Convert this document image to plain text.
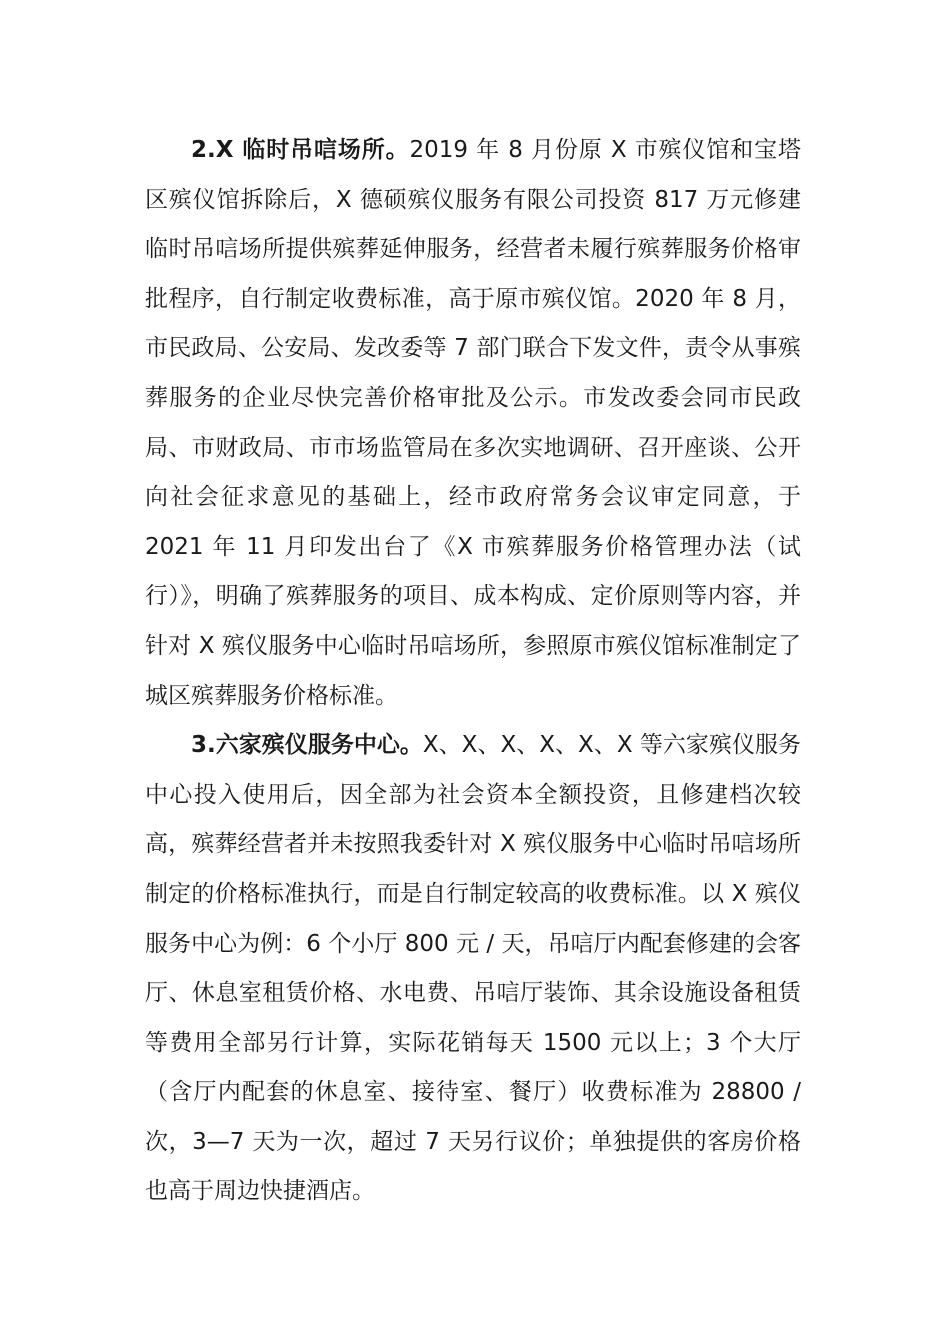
2.X 临时吊唁场所。2019 年 8 月份原 X 市殡仪馆和宝塔区殡仪馆拆除后，X 德硕殡仪服务有限公司投资 817 万元修建临时吊唁场所提供殡葬延伸服务，经营者未履行殡葬服务价格审批程序，自行制定收费标准，高于原市殡仪馆。2020 年 8 月，市民政局、公安局、发改委等 7 部门联合下发文件，责令从事殡葬服务的企业尽快完善价格审批及公示。市发改委会同市民政局、市财政局、市市场监管局在多次实地调研、召开座谈、公开向社会征求意见的基础上，经市政府常务会议审定同意，于 2021 年 11 月印发出台了《X 市殡葬服务价格管理办法（试行）》，明确了殡葬服务的项目、成本构成、定价原则等内容，并针对 X 殡仪服务中心临时吊唁场所，参照原市殡仪馆标准制定了城区殡葬服务价格标准。

3.六家殡仪服务中心。X、X、X、X、X、X 等六家殡仪服务中心投入使用后，因全部为社会资本全额投资，且修建档次较高，殡葬经营者并未按照我委针对 X 殡仪服务中心临时吊唁场所制定的价格标准执行，而是自行制定较高的收费标准。以 X 殡仪服务中心为例：6 个小厅 800 元 / 天，吊唁厅内配套修建的会客厅、休息室租赁价格、水电费、吊唁厅装饰、其余设施设备租赁等费用全部另行计算，实际花销每天 1500 元以上；3 个大厅（含厅内配套的休息室、接待室、餐厅）收费标准为 28800 / 次，3—7 天为一次，超过 7 天另行议价；单独提供的客房价格也高于周边快捷酒店。
